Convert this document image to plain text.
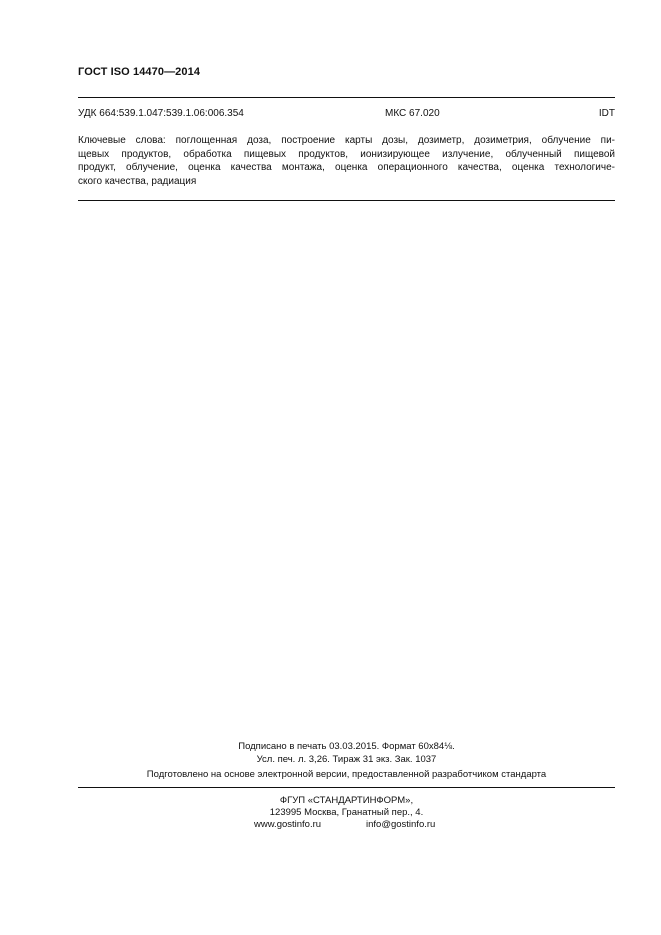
ГОСТ ISO 14470—2014
УДК 664:539.1.047:539.1.06:006.354	МКС 67.020	IDT

Ключевые слова: поглощенная доза, построение карты дозы, дозиметр, дозиметрия, облучение пи-
щевых продуктов, обработка пищевых продуктов, ионизирующее излучение, облученный пищевой
продукт, облучение, оценка качества монтажа, оценка операционного качества, оценка технологиче-
ского качества, радиация

Подписано в печать 03.03.2015. Формат 60x84⅛.
Усл. печ. л. 3,26. Тираж 31 экз. Зак. 1037
Подготовлено на основе электронной версии, предоставленной разработчиком стандарта
ФГУП «СТАНДАРТИНФОРМ»,
123995 Москва, Гранатный пер., 4.
www.gostinfo.ru	info@gostinfo.ru
